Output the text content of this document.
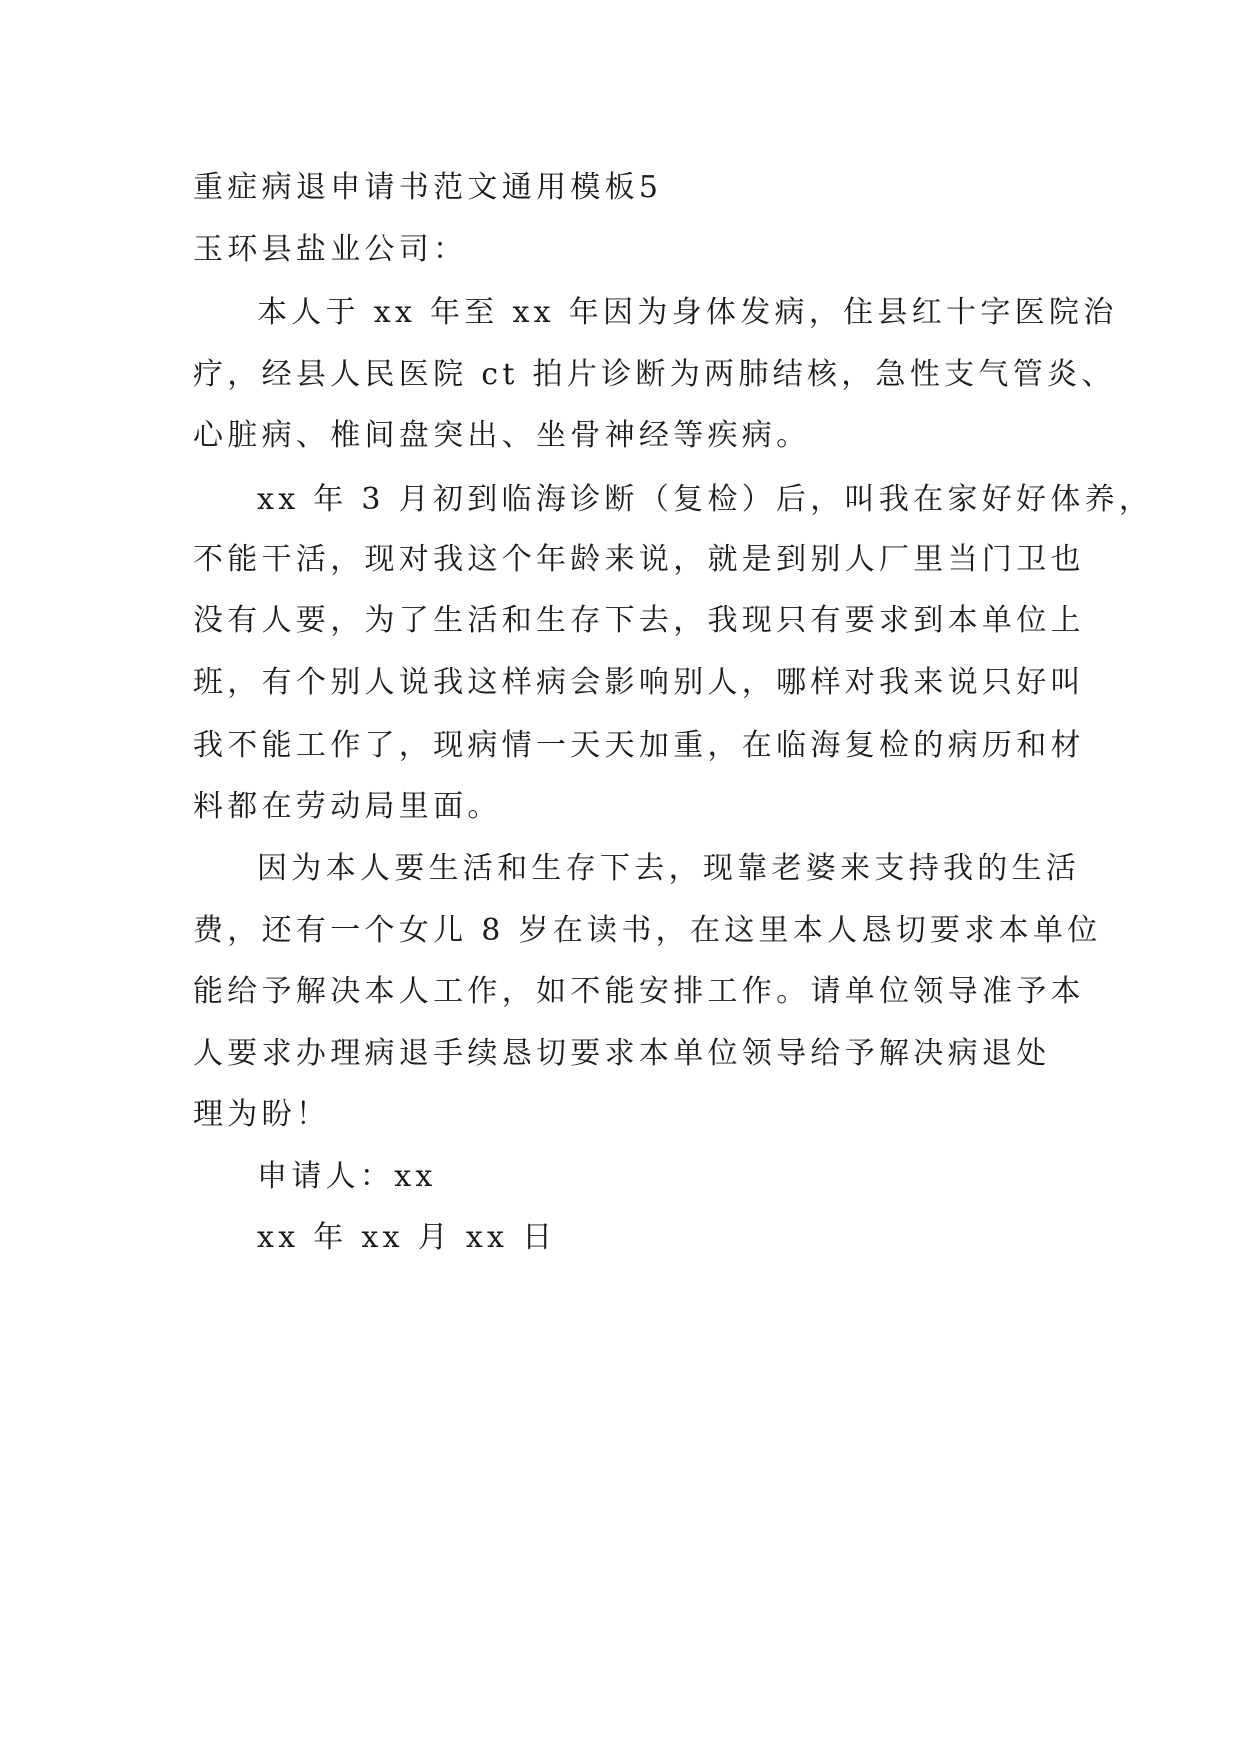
重症病退申请书范文通用模板5
玉环县盐业公司：
本人于 xx 年至 xx 年因为身体发病，住县红十字医院治
疗，经县人民医院 ct 拍片诊断为两肺结核，急性支气管炎、
心脏病、椎间盘突出、坐骨神经等疾病。
xx 年 3 月初到临海诊断（复检）后，叫我在家好好体养，
不能干活，现对我这个年龄来说，就是到别人厂里当门卫也
没有人要，为了生活和生存下去，我现只有要求到本单位上
班，有个别人说我这样病会影响别人，哪样对我来说只好叫
我不能工作了，现病情一天天加重，在临海复检的病历和材
料都在劳动局里面。
因为本人要生活和生存下去，现靠老婆来支持我的生活
费，还有一个女儿 8 岁在读书，在这里本人恳切要求本单位
能给予解决本人工作，如不能安排工作。请单位领导准予本
人要求办理病退手续恳切要求本单位领导给予解决病退处
理为盼！
申请人：xx
xx 年 xx 月 xx 日
